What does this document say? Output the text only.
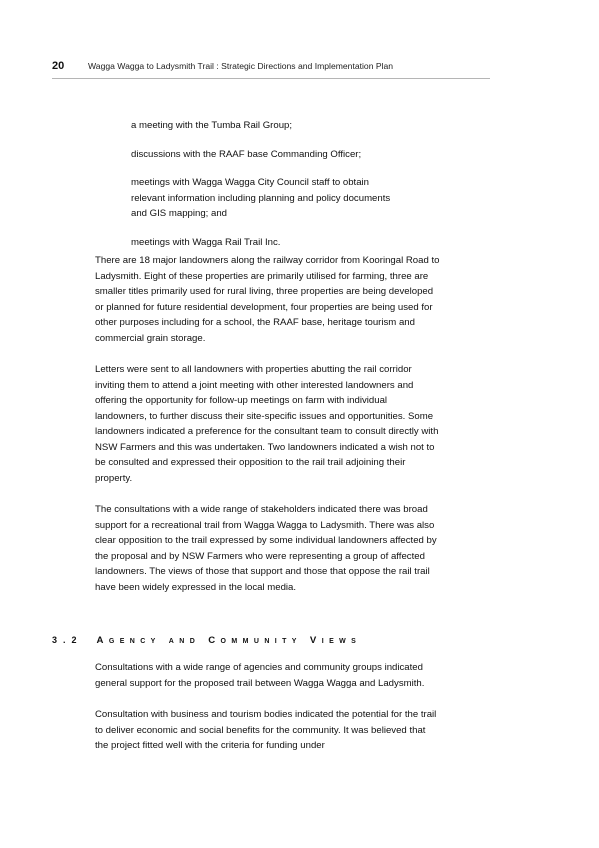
20	Wagga Wagga to Ladysmith Trail : Strategic Directions and Implementation Plan

a meeting with the Tumba Rail Group;

discussions with the RAAF base Commanding Officer;

meetings with Wagga Wagga City Council staff to obtain relevant information including planning and policy documents and GIS mapping; and

meetings with Wagga Rail Trail Inc.

There are 18 major landowners along the railway corridor from Kooringal Road to Ladysmith. Eight of these properties are primarily utilised for farming, three are smaller titles primarily used for rural living, three properties are being developed or planned for future residential development, four properties are being used for other purposes including for a school, the RAAF base, heritage tourism and commercial grain storage.

Letters were sent to all landowners with properties abutting the rail corridor inviting them to attend a joint meeting with other interested landowners and offering the opportunity for follow-up meetings on farm with individual landowners, to further discuss their site-specific issues and opportunities. Some landowners indicated a preference for the consultant team to consult directly with NSW Farmers and this was undertaken. Two landowners indicated a wish not to be consulted and expressed their opposition to the rail trail adjoining their property.

The consultations with a wide range of stakeholders indicated there was broad support for a recreational trail from Wagga Wagga to Ladysmith. There was also clear opposition to the trail expressed by some individual landowners affected by the proposal and by NSW Farmers who were representing a group of affected landowners. The views of those that support and those that oppose the rail trail have been widely expressed in the local media.

3.2 Agency and Community Views

Consultations with a wide range of agencies and community groups indicated general support for the proposed trail between Wagga Wagga and Ladysmith.

Consultation with business and tourism bodies indicated the potential for the trail to deliver economic and social benefits for the community. It was believed that the project fitted well with the criteria for funding under
